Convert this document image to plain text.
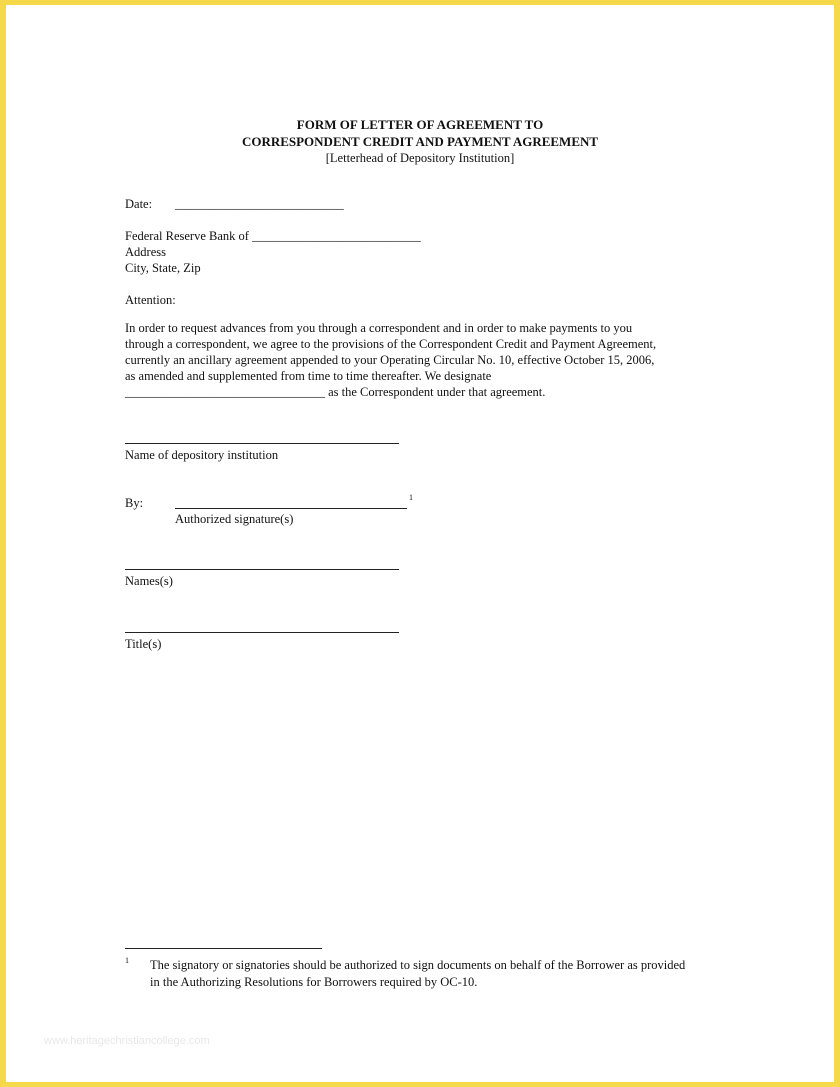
FORM OF LETTER OF AGREEMENT TO
CORRESPONDENT CREDIT AND PAYMENT AGREEMENT
[Letterhead of Depository Institution]
Date: ___________________________
Federal Reserve Bank of ___________________________
Address
City, State, Zip
Attention:
In order to request advances from you through a correspondent and in order to make payments to you
through a correspondent, we agree to the provisions of the Correspondent Credit and Payment Agreement,
currently an ancillary agreement appended to your Operating Circular No. 10, effective October 15, 2006,
as amended and supplemented from time to time thereafter. We designate
________________________________ as the Correspondent under that agreement.
Name of depository institution
By:	1
Authorized signature(s)
Names(s)
Title(s)
1 The signatory or signatories should be authorized to sign documents on behalf of the Borrower as provided
in the Authorizing Resolutions for Borrowers required by OC-10.
www.heritagechristiancollege.com
